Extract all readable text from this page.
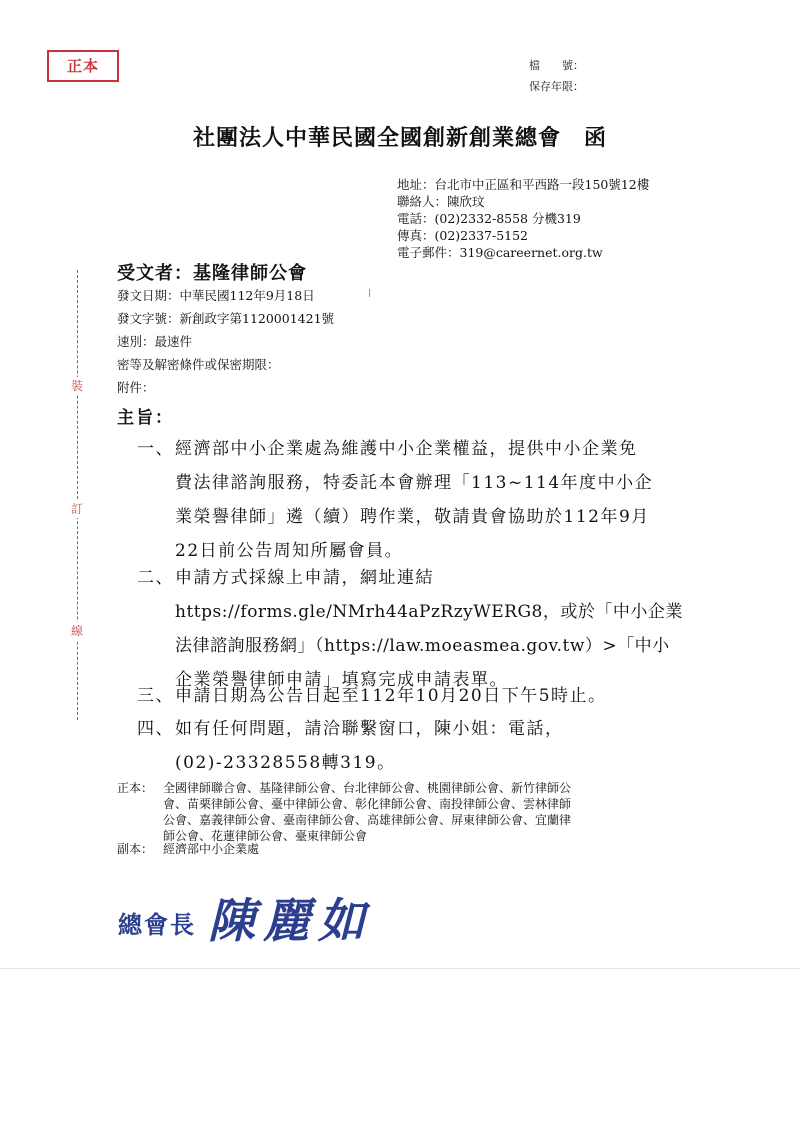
正本	檔　　號：
保存年限：
社團法人中華民國全國創新創業總會　函
地址：台北市中正區和平西路一段150號12樓
聯絡人：陳欣玟
電話：(02)2332-8558 分機319
傳真：(02)2337-5152
電子郵件：319@careernet.org.tw
裝
訂
線
受文者：基隆律師公會
ǀ
發文日期：中華民國112年9月18日
發文字號：新創政字第1120001421號
速別：最速件
密等及解密條件或保密期限：
附件：
主旨：
一、 經濟部中小企業處為維護中小企業權益，提供中小企業免
費法律諮詢服務，特委託本會辦理「113~114年度中小企
業榮譽律師」遴（續）聘作業，敬請貴會協助於112年9月
22日前公告周知所屬會員。
二、 申請方式採線上申請，網址連結
https://forms.gle/NMrh44aPzRzyWERG8，或於「中小企業
法律諮詢服務網」（https://law.moeasmea.gov.tw）>「中小
企業榮譽律師申請」填寫完成申請表單。
三、 申請日期為公告日起至112年10月20日下午5時止。
四、 如有任何問題，請洽聯繫窗口，陳小姐：電話，
(02)-23328558轉319。
正本： 全國律師聯合會、基隆律師公會、台北律師公會、桃園律師公會、新竹律師公
會、苗栗律師公會、臺中律師公會、彰化律師公會、南投律師公會、雲林律師
公會、嘉義律師公會、臺南律師公會、高雄律師公會、屏東律師公會、宜蘭律
師公會、花蓮律師公會、臺東律師公會
副本： 經濟部中小企業處
總會長 陳麗如
